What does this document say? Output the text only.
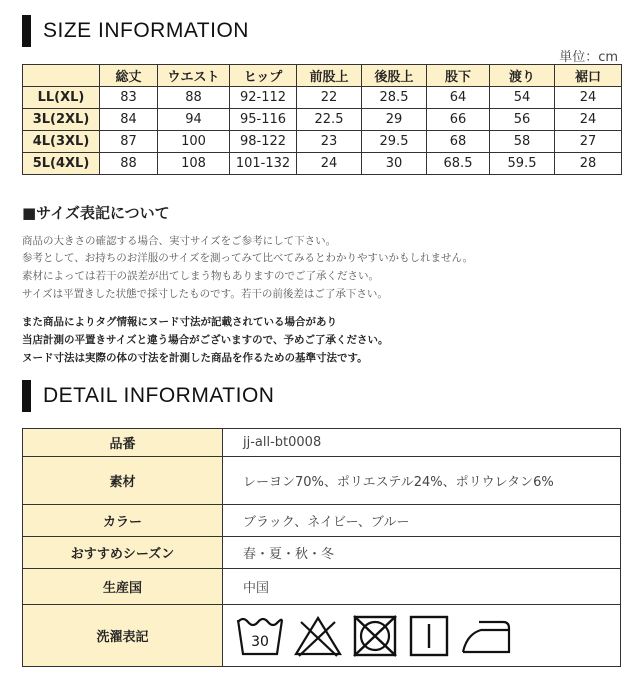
SIZE INFORMATION
単位：cm
	総丈	ウエスト	ヒップ	前股上	後股上	股下	渡り	裾口
LL(XL)	83	88	92-112	22	28.5	64	54	24
3L(2XL)	84	94	95-116	22.5	29	66	56	24
4L(3XL)	87	100	98-122	23	29.5	68	58	27
5L(4XL)	88	108	101-132	24	30	68.5	59.5	28
■サイズ表記について
商品の大きさの確認する場合、実寸サイズをご参考にして下さい。
参考として、お持ちのお洋服のサイズを測ってみて比べてみるとわかりやすいかもしれません。
素材によっては若干の誤差が出てしまう物もありますのでご了承ください。
サイズは平置きした状態で採寸したものです。若干の前後差はご了承下さい。
また商品によりタグ情報にヌード寸法が記載されている場合があり
当店計測の平置きサイズと違う場合がございますので、予めご了承ください。
ヌード寸法は実際の体の寸法を計測した商品を作るための基準寸法です。
DETAIL INFORMATION
品番	jj-all-bt0008
素材	レーヨン70%、ポリエステル24%、ポリウレタン6%
カラー	ブラック、ネイビー、ブルー
おすすめシーズン	春・夏・秋・冬
生産国	中国
洗濯表記	30
